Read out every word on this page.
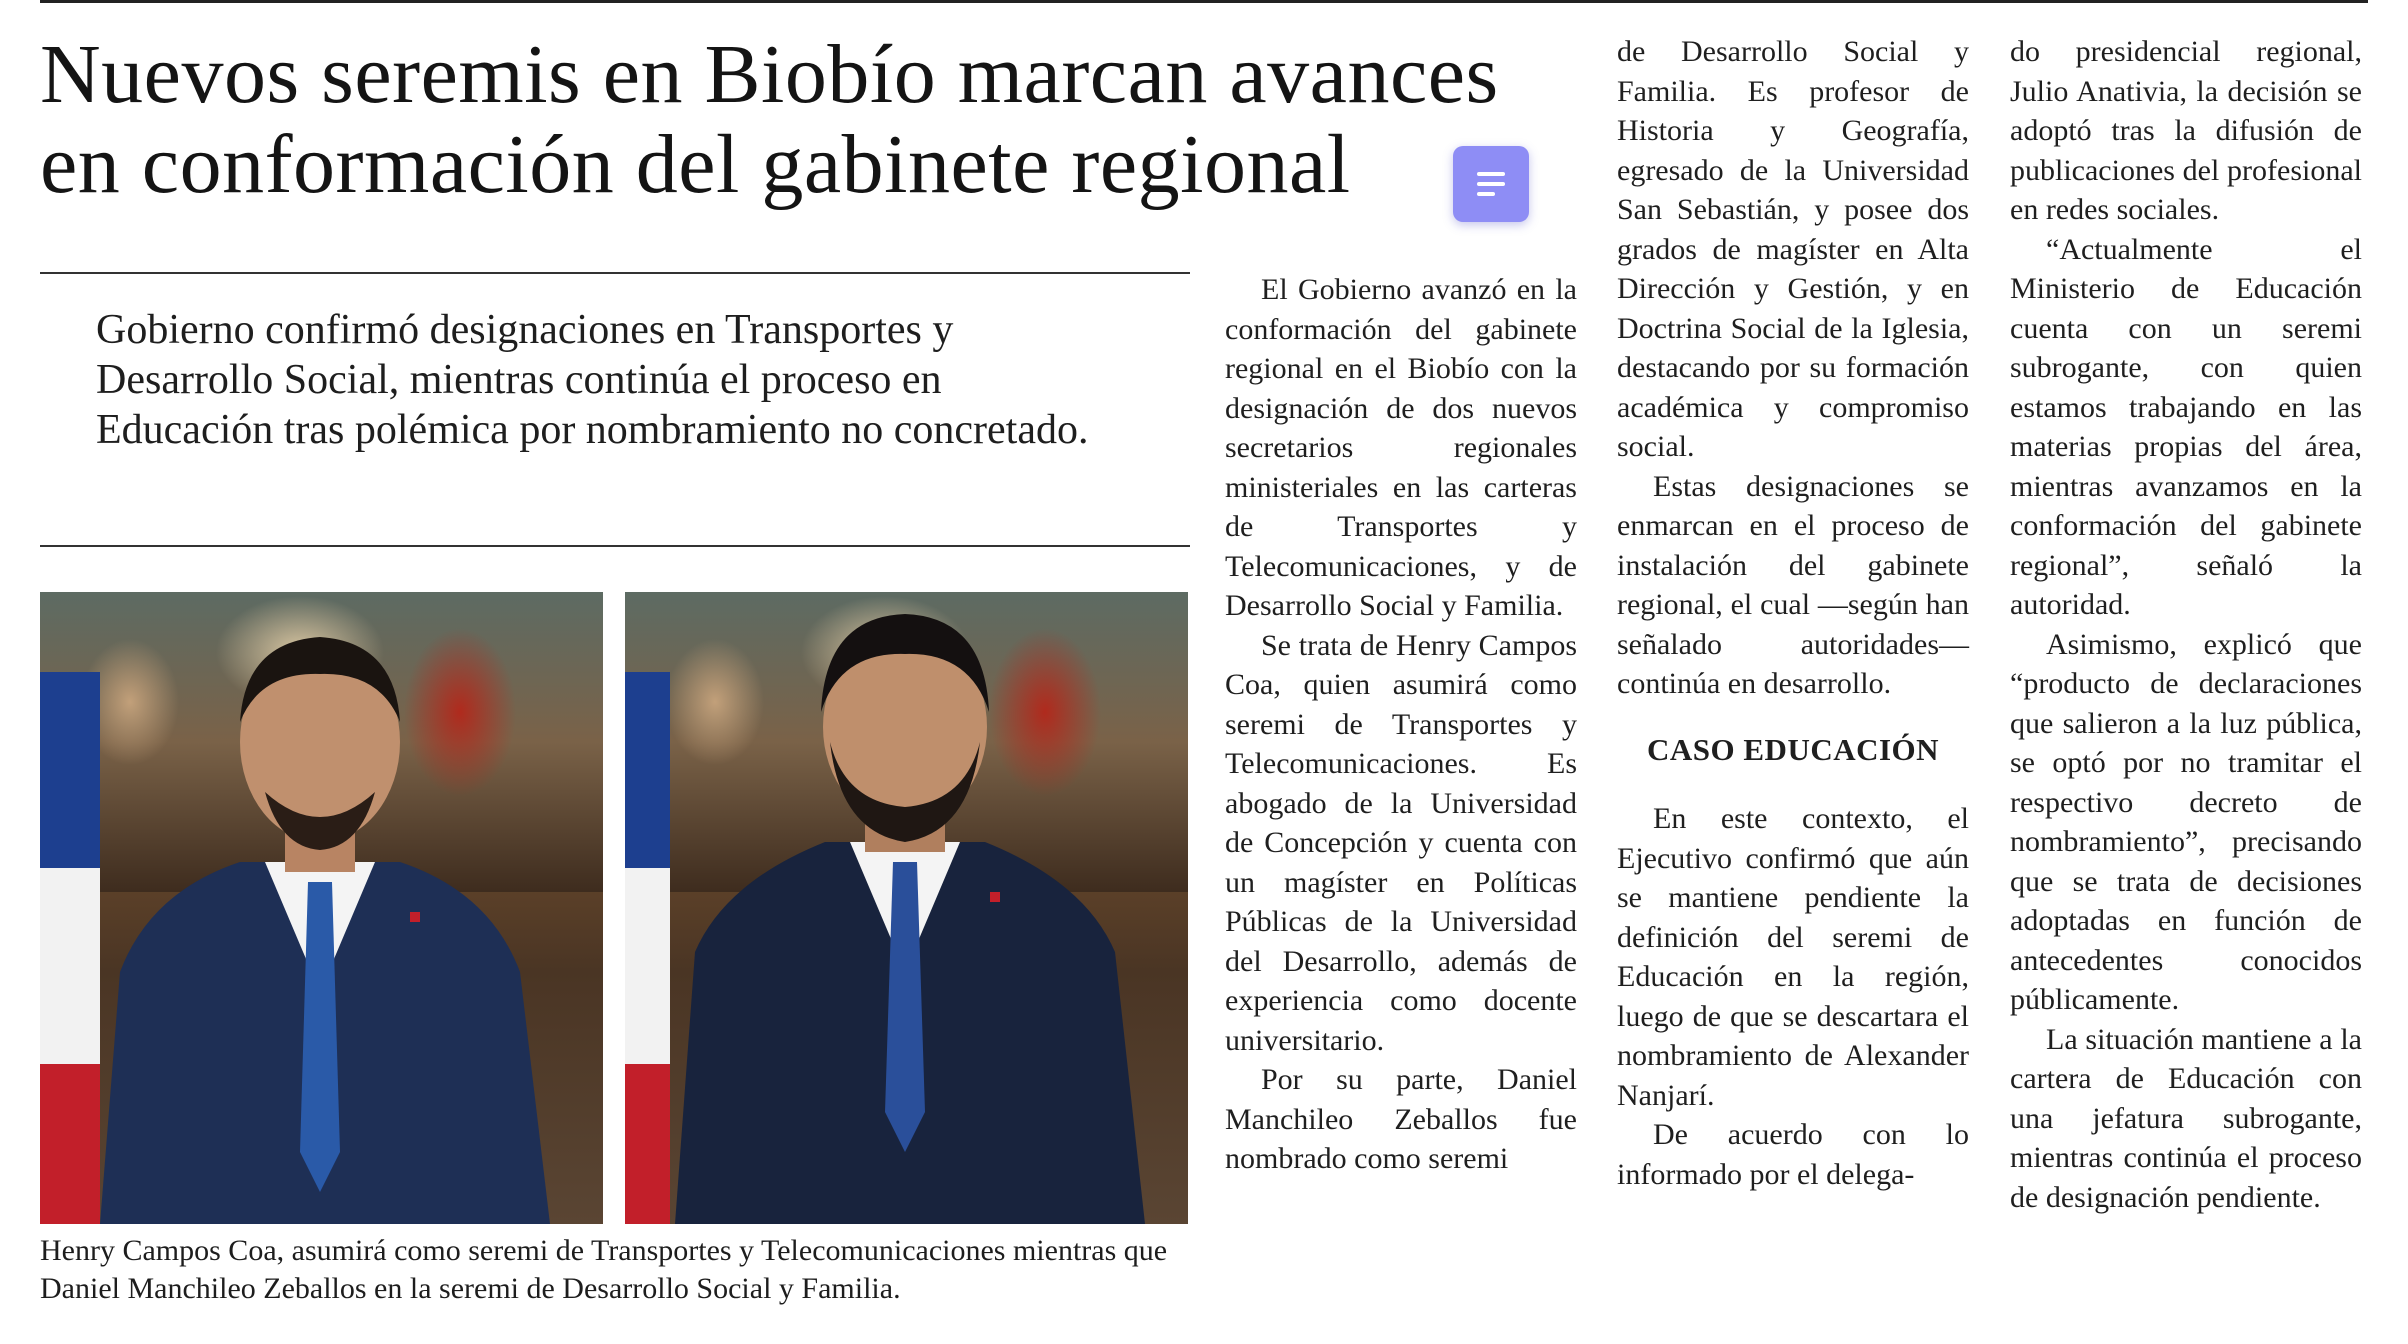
Nuevos seremis en Biobío marcan avances en conformación del gabinete regional

Gobierno confirmó designaciones en Transportes y Desarrollo Social, mientras continúa el proceso en Educación tras polémica por nombramiento no concretado.

Henry Campos Coa, asumirá como seremi de Transportes y Telecomunicaciones mientras que Daniel Manchileo Zeballos en la seremi de Desarrollo Social y Familia.

El Gobierno avanzó en la conformación del gabinete regional en el Biobío con la designación de dos nuevos secretarios regionales ministeriales en las carteras de Transportes y Telecomunicaciones, y de Desarrollo Social y Familia.

Se trata de Henry Campos Coa, quien asumirá como seremi de Transportes y Telecomunicaciones. Es abogado de la Universidad de Concepción y cuenta con un magíster en Políticas Públicas de la Universidad del Desarrollo, además de experiencia como docente universitario.

Por su parte, Daniel Manchileo Zeballos fue nombrado como seremi

de Desarrollo Social y Familia. Es profesor de Historia y Geografía, egresado de la Universidad San Sebastián, y posee dos grados de magíster en Alta Dirección y Gestión, y en Doctrina Social de la Iglesia, destacando por su formación académica y compromiso social.

Estas designaciones se enmarcan en el proceso de instalación del gabinete regional, el cual —según han señalado autoridades— continúa en desarrollo.

CASO EDUCACIÓN

En este contexto, el Ejecutivo confirmó que aún se mantiene pendiente la definición del seremi de Educación en la región, luego de que se descartara el nombramiento de Alexander Nanjarí.

De acuerdo con lo informado por el delega-

do presidencial regional, Julio Anativia, la decisión se adoptó tras la difusión de publicaciones del profesional en redes sociales.

“Actualmente el Ministerio de Educación cuenta con un seremi subrogante, con quien estamos trabajando en las materias propias del área, mientras avanzamos en la conformación del gabinete regional”, señaló la autoridad.

Asimismo, explicó que “producto de declaraciones que salieron a la luz pública, se optó por no tramitar el respectivo decreto de nombramiento”, precisando que se trata de decisiones adoptadas en función de antecedentes conocidos públicamente.

La situación mantiene a la cartera de Educación con una jefatura subrogante, mientras continúa el proceso de designación pendiente.
